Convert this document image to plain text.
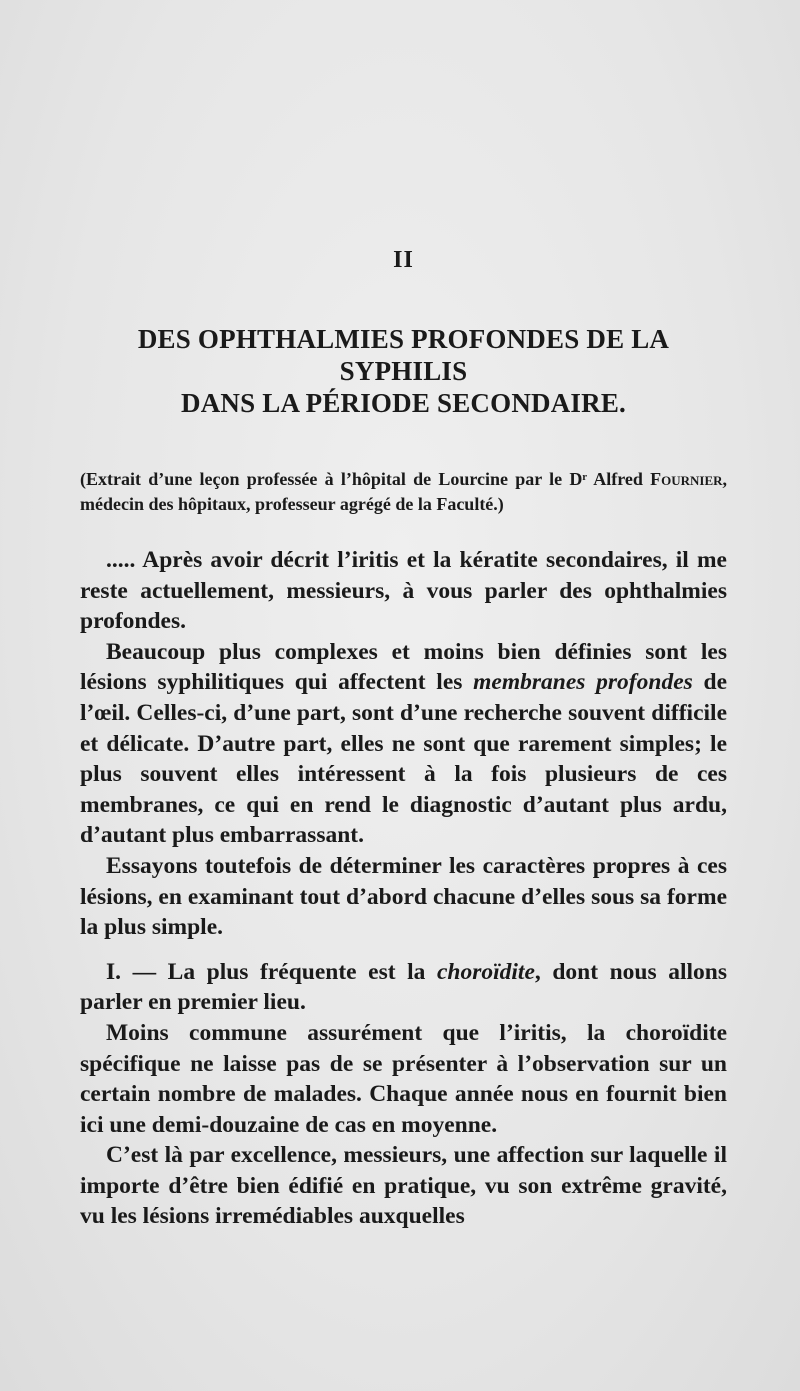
II
DES OPHTHALMIES PROFONDES DE LA SYPHILIS
DANS LA PÉRIODE SECONDAIRE.
(Extrait d’une leçon professée à l’hôpital de Lourcine par le Dʳ Alfred Fournier, médecin des hôpitaux, professeur agrégé de la Faculté.)

..... Après avoir décrit l’iritis et la kératite secondaires, il me reste actuellement, messieurs, à vous parler des ophthalmies profondes.

Beaucoup plus complexes et moins bien définies sont les lésions syphilitiques qui affectent les membranes profondes de l’œil. Celles-ci, d’une part, sont d’une recherche souvent difficile et délicate. D’autre part, elles ne sont que rarement simples; le plus souvent elles intéressent à la fois plusieurs de ces membranes, ce qui en rend le diagnostic d’autant plus ardu, d’autant plus embarrassant.

Essayons toutefois de déterminer les caractères propres à ces lésions, en examinant tout d’abord chacune d’elles sous sa forme la plus simple.

I. — La plus fréquente est la choroïdite, dont nous allons parler en premier lieu.

Moins commune assurément que l’iritis, la choroïdite spécifique ne laisse pas de se présenter à l’observation sur un certain nombre de malades. Chaque année nous en fournit bien ici une demi-douzaine de cas en moyenne.

C’est là par excellence, messieurs, une affection sur laquelle il importe d’être bien édifié en pratique, vu son extrême gravité, vu les lésions irremédiables auxquelles
